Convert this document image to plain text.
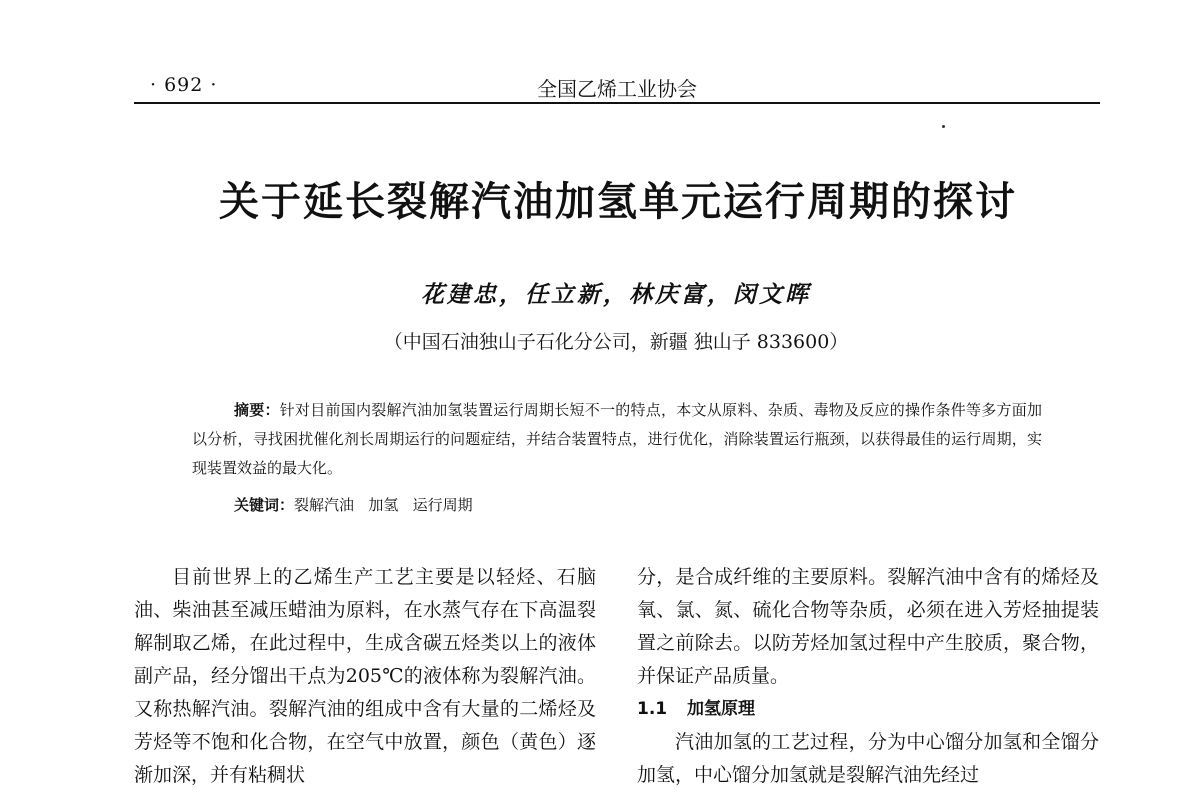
· 692 ·	全国乙烯工业协会
关于延长裂解汽油加氢单元运行周期的探讨
花建忠，任立新，林庆富，闵文晖
（中国石油独山子石化分公司，新疆 独山子 833600）

摘要：针对目前国内裂解汽油加氢装置运行周期长短不一的特点，本文从原料、杂质、毒物及反应的操作条件等多方面加以分析，寻找困扰催化剂长周期运行的问题症结，并结合装置特点，进行优化，消除装置运行瓶颈，以获得最佳的运行周期，实现装置效益的最大化。

关键词：裂解汽油   加氢   运行周期

目前世界上的乙烯生产工艺主要是以轻烃、石脑油、柴油甚至减压蜡油为原料，在水蒸气存在下高温裂解制取乙烯，在此过程中，生成含碳五烃类以上的液体副产品，经分馏出干点为205℃的液体称为裂解汽油。又称热解汽油。裂解汽油的组成中含有大量的二烯烃及芳烃等不饱和化合物，在空气中放置，颜色（黄色）逐渐加深，并有粘稠状

分，是合成纤维的主要原料。裂解汽油中含有的烯烃及氧、氯、氮、硫化合物等杂质，必须在进入芳烃抽提装置之前除去。以防芳烃加氢过程中产生胶质，聚合物，并保证产品质量。

1.1 加氢原理

汽油加氢的工艺过程，分为中心馏分加氢和全馏分加氢，中心馏分加氢就是裂解汽油先经过
